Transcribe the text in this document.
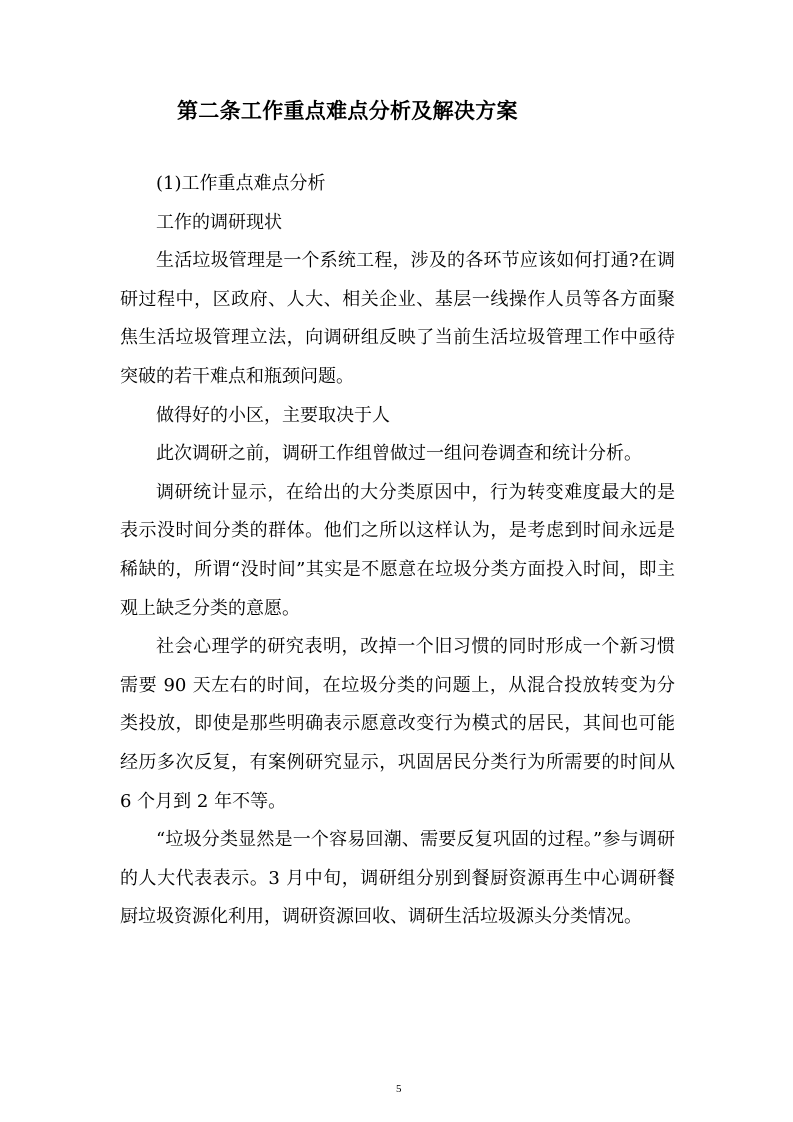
第二条工作重点难点分析及解决方案

(1)工作重点难点分析

工作的调研现状

生活垃圾管理是一个系统工程，涉及的各环节应该如何打通?在调研过程中，区政府、人大、相关企业、基层一线操作人员等各方面聚焦生活垃圾管理立法，向调研组反映了当前生活垃圾管理工作中亟待突破的若干难点和瓶颈问题。

做得好的小区，主要取决于人

此次调研之前，调研工作组曾做过一组问卷调查和统计分析。

调研统计显示，在给出的大分类原因中，行为转变难度最大的是表示没时间分类的群体。他们之所以这样认为，是考虑到时间永远是稀缺的，所谓“没时间”其实是不愿意在垃圾分类方面投入时间，即主观上缺乏分类的意愿。

社会心理学的研究表明，改掉一个旧习惯的同时形成一个新习惯需要 90 天左右的时间，在垃圾分类的问题上，从混合投放转变为分类投放，即使是那些明确表示愿意改变行为模式的居民，其间也可能经历多次反复，有案例研究显示，巩固居民分类行为所需要的时间从 6 个月到 2 年不等。

“垃圾分类显然是一个容易回潮、需要反复巩固的过程。”参与调研的人大代表表示。3 月中旬，调研组分别到餐厨资源再生中心调研餐厨垃圾资源化利用，调研资源回收、调研生活垃圾源头分类情况。

5
